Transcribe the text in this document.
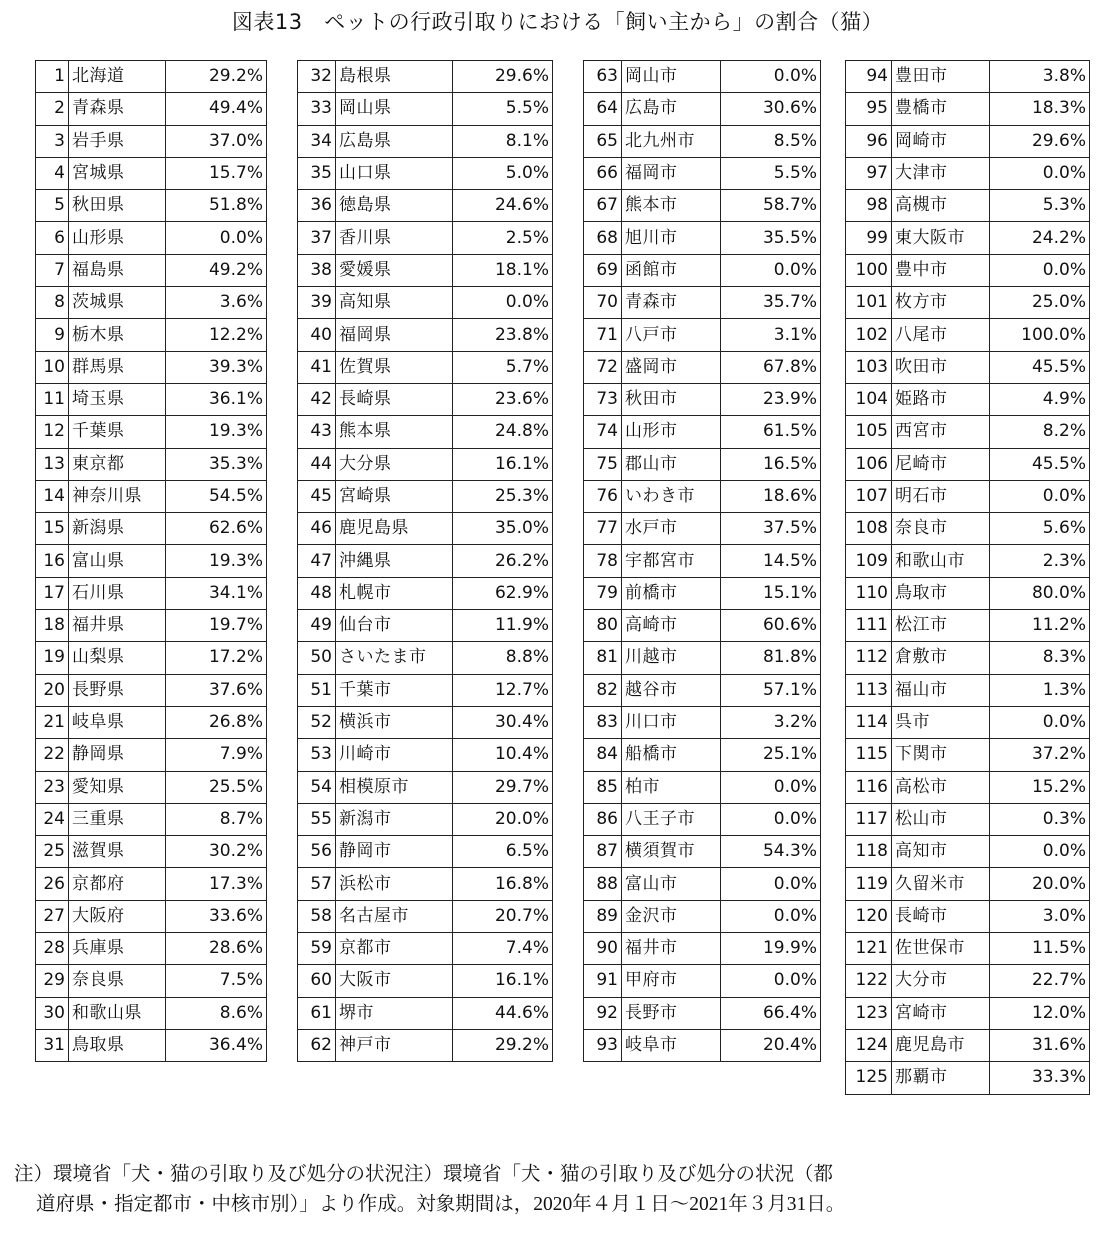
図表13　ペットの行政引取りにおける「飼い主から」の割合（猫）
1	北海道	29.2%
2	青森県	49.4%
3	岩手県	37.0%
4	宮城県	15.7%
5	秋田県	51.8%
6	山形県	0.0%
7	福島県	49.2%
8	茨城県	3.6%
9	栃木県	12.2%
10	群馬県	39.3%
11	埼玉県	36.1%
12	千葉県	19.3%
13	東京都	35.3%
14	神奈川県	54.5%
15	新潟県	62.6%
16	富山県	19.3%
17	石川県	34.1%
18	福井県	19.7%
19	山梨県	17.2%
20	長野県	37.6%
21	岐阜県	26.8%
22	静岡県	7.9%
23	愛知県	25.5%
24	三重県	8.7%
25	滋賀県	30.2%
26	京都府	17.3%
27	大阪府	33.6%
28	兵庫県	28.6%
29	奈良県	7.5%
30	和歌山県	8.6%
31	鳥取県	36.4%
32	島根県	29.6%
33	岡山県	5.5%
34	広島県	8.1%
35	山口県	5.0%
36	徳島県	24.6%
37	香川県	2.5%
38	愛媛県	18.1%
39	高知県	0.0%
40	福岡県	23.8%
41	佐賀県	5.7%
42	長崎県	23.6%
43	熊本県	24.8%
44	大分県	16.1%
45	宮崎県	25.3%
46	鹿児島県	35.0%
47	沖縄県	26.2%
48	札幌市	62.9%
49	仙台市	11.9%
50	さいたま市	8.8%
51	千葉市	12.7%
52	横浜市	30.4%
53	川崎市	10.4%
54	相模原市	29.7%
55	新潟市	20.0%
56	静岡市	6.5%
57	浜松市	16.8%
58	名古屋市	20.7%
59	京都市	7.4%
60	大阪市	16.1%
61	堺市	44.6%
62	神戸市	29.2%
63	岡山市	0.0%
64	広島市	30.6%
65	北九州市	8.5%
66	福岡市	5.5%
67	熊本市	58.7%
68	旭川市	35.5%
69	函館市	0.0%
70	青森市	35.7%
71	八戸市	3.1%
72	盛岡市	67.8%
73	秋田市	23.9%
74	山形市	61.5%
75	郡山市	16.5%
76	いわき市	18.6%
77	水戸市	37.5%
78	宇都宮市	14.5%
79	前橋市	15.1%
80	高崎市	60.6%
81	川越市	81.8%
82	越谷市	57.1%
83	川口市	3.2%
84	船橋市	25.1%
85	柏市	0.0%
86	八王子市	0.0%
87	横須賀市	54.3%
88	富山市	0.0%
89	金沢市	0.0%
90	福井市	19.9%
91	甲府市	0.0%
92	長野市	66.4%
93	岐阜市	20.4%
94	豊田市	3.8%
95	豊橋市	18.3%
96	岡崎市	29.6%
97	大津市	0.0%
98	高槻市	5.3%
99	東大阪市	24.2%
100	豊中市	0.0%
101	枚方市	25.0%
102	八尾市	100.0%
103	吹田市	45.5%
104	姫路市	4.9%
105	西宮市	8.2%
106	尼崎市	45.5%
107	明石市	0.0%
108	奈良市	5.6%
109	和歌山市	2.3%
110	鳥取市	80.0%
111	松江市	11.2%
112	倉敷市	8.3%
113	福山市	1.3%
114	呉市	0.0%
115	下関市	37.2%
116	高松市	15.2%
117	松山市	0.3%
118	高知市	0.0%
119	久留米市	20.0%
120	長崎市	3.0%
121	佐世保市	11.5%
122	大分市	22.7%
123	宮崎市	12.0%
124	鹿児島市	31.6%
125	那覇市	33.3%
注）環境省「犬・猫の引取り及び処分の状況注）環境省「犬・猫の引取り及び処分の状況（都
道府県・指定都市・中核市別）」より作成。対象期間は，2020年４月１日～2021年３月31日。
